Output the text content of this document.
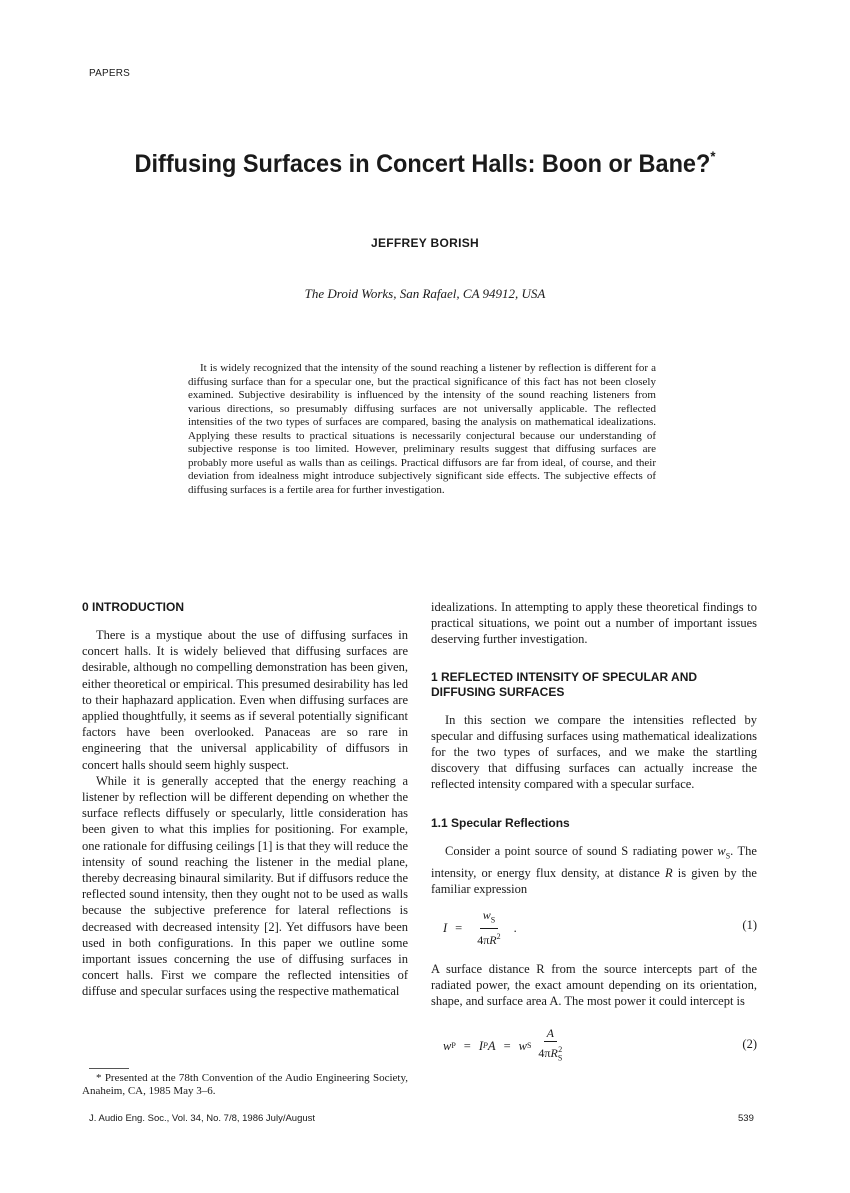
PAPERS
Diffusing Surfaces in Concert Halls: Boon or Bane?*
JEFFREY BORISH
The Droid Works, San Rafael, CA 94912, USA
It is widely recognized that the intensity of the sound reaching a listener by reflection is different for a diffusing surface than for a specular one, but the practical significance of this fact has not been closely examined. Subjective desirability is influenced by the intensity of the sound reaching listeners from various directions, so presumably diffusing surfaces are not universally applicable. The reflected intensities of the two types of surfaces are compared, basing the analysis on mathematical idealizations. Applying these results to practical situations is necessarily conjectural because our understanding of subjective response is too limited. However, preliminary results suggest that diffusing surfaces are probably more useful as walls than as ceilings. Practical diffusors are far from ideal, of course, and their deviation from idealness might introduce subjectively significant side effects. The subjective effects of diffusing surfaces is a fertile area for further investigation.
0 INTRODUCTION

There is a mystique about the use of diffusing surfaces in concert halls. It is widely believed that diffusing surfaces are desirable, although no compelling demonstration has been given, either theoretical or empirical. This presumed desirability has led to their haphazard application. Even when diffusing surfaces are applied thoughtfully, it seems as if several potentially significant factors have been overlooked. Panaceas are so rare in engineering that the universal applicability of diffusors in concert halls should seem highly suspect.

While it is generally accepted that the energy reaching a listener by reflection will be different depending on whether the surface reflects diffusely or specularly, little consideration has been given to what this implies for positioning. For example, one rationale for diffusing ceilings [1] is that they will reduce the intensity of sound reaching the listener in the medial plane, thereby decreasing binaural similarity. But if diffusors reduce the reflected sound intensity, then they ought not to be used as walls because the subjective preference for lateral reflections is decreased with decreased intensity [2]. Yet diffusors have been used in both configurations. In this paper we outline some important issues concerning the use of diffusing surfaces in concert halls. First we compare the reflected intensities of diffuse and specular surfaces using the respective mathematical

idealizations. In attempting to apply these theoretical findings to practical situations, we point out a number of important issues deserving further investigation.

1 REFLECTED INTENSITY OF SPECULAR AND DIFFUSING SURFACES

In this section we compare the intensities reflected by specular and diffusing surfaces using mathematical idealizations for the two types of surfaces, and we make the startling discovery that diffusing surfaces can actually increase the reflected intensity compared with a specular surface.

1.1 Specular Reflections

Consider a point source of sound S radiating power $w_S$. The intensity, or energy flux density, at distance R is given by the familiar expression

$I = \frac{w_S}{4\pi R^2}$ .	(1)

A surface distance R from the source intercepts part of the radiated power, the exact amount depending on its orientation, shape, and surface area A. The most power it could intercept is

w P = I P A = w S $\frac{A}{4\pi R_S^2}$	(2)
* Presented at the 78th Convention of the Audio Engineering Society, Anaheim, CA, 1985 May 3–6.
J. Audio Eng. Soc., Vol. 34, No. 7/8, 1986 July/August	539
